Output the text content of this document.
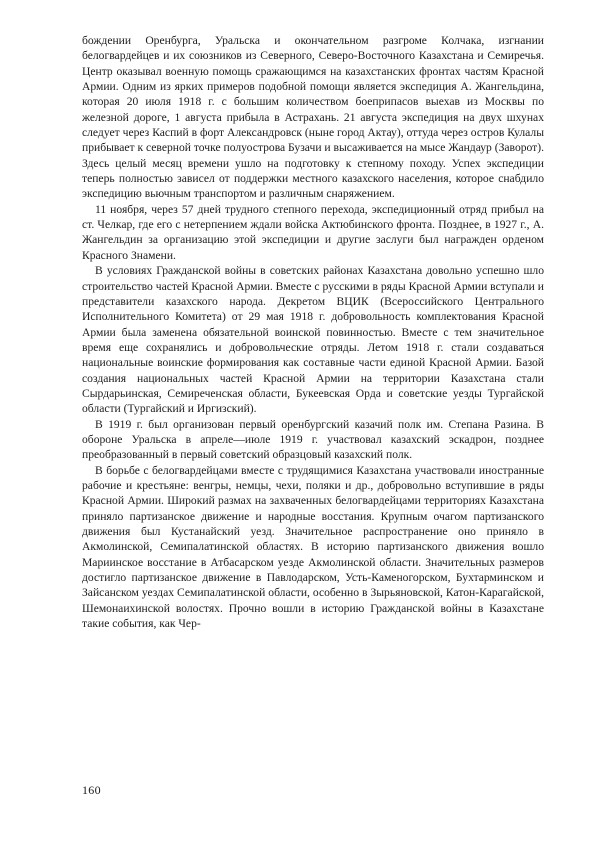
бождении Оренбурга, Уральска и окончательном разгроме Колчака, изгнании белогвардейцев и их союзников из Северного, Северо-Восточного Казахстана и Семиречья. Центр оказывал военную помощь сражающимся на казахстанских фронтах частям Красной Армии. Одним из ярких примеров подобной помощи является экспедиция А. Жангельдина, которая 20 июля 1918 г. с большим количеством боеприпасов выехав из Москвы по железной дороге, 1 августа прибыла в Астрахань. 21 августа экспедиция на двух шхунах следует через Каспий в форт Александровск (ныне город Актау), оттуда через остров Кулалы прибывает к северной точке полуострова Бузачи и высаживается на мысе Жандаур (Заворот). Здесь целый месяц времени ушло на подготовку к степному походу. Успех экспедиции теперь полностью зависел от поддержки местного казахского населения, которое снабдило экспедицию вьючным транспортом и различным снаряжением.

11 ноября, через 57 дней трудного степного перехода, экспедиционный отряд прибыл на ст. Челкар, где его с нетерпением ждали войска Актюбинского фронта. Позднее, в 1927 г., А. Жангельдин за организацию этой экспедиции и другие заслуги был награжден орденом Красного Знамени.

В условиях Гражданской войны в советских районах Казахстана довольно успешно шло строительство частей Красной Армии. Вместе с русскими в ряды Красной Армии вступали и представители казахского народа. Декретом ВЦИК (Всероссийского Центрального Исполнительного Комитета) от 29 мая 1918 г. добровольность комплектования Красной Армии была заменена обязательной воинской повинностью. Вместе с тем значительное время еще сохранялись и добровольческие отряды. Летом 1918 г. стали создаваться национальные воинские формирования как составные части единой Красной Армии. Базой создания национальных частей Красной Армии на территории Казахстана стали Сырдарьинская, Семиреченская области, Букеевская Орда и советские уезды Тургайской области (Тургайский и Иргизский).

В 1919 г. был организован первый оренбургский казачий полк им. Степана Разина. В обороне Уральска в апреле—июле 1919 г. участвовал казахский эскадрон, позднее преобразованный в первый советский образцовый казахский полк.

В борьбе с белогвардейцами вместе с трудящимися Казахстана участвовали иностранные рабочие и крестьяне: венгры, немцы, чехи, поляки и др., добровольно вступившие в ряды Красной Армии. Широкий размах на захваченных белогвардейцами территориях Казахстана приняло партизанское движение и народные восстания. Крупным очагом партизанского движения был Кустанайский уезд. Значительное распространение оно приняло в Акмолинской, Семипалатинской областях. В историю партизанского движения вошло Мариинское восстание в Атбасарском уезде Акмолинской области. Значительных размеров достигло партизанское движение в Павлодарском, Усть-Каменогорском, Бухтарминском и Зайсанском уездах Семипалатинской области, особенно в Зырьяновской, Катон-Карагайской, Шемонаихинской волостях. Прочно вошли в историю Гражданской войны в Казахстане такие события, как Чер-

160
